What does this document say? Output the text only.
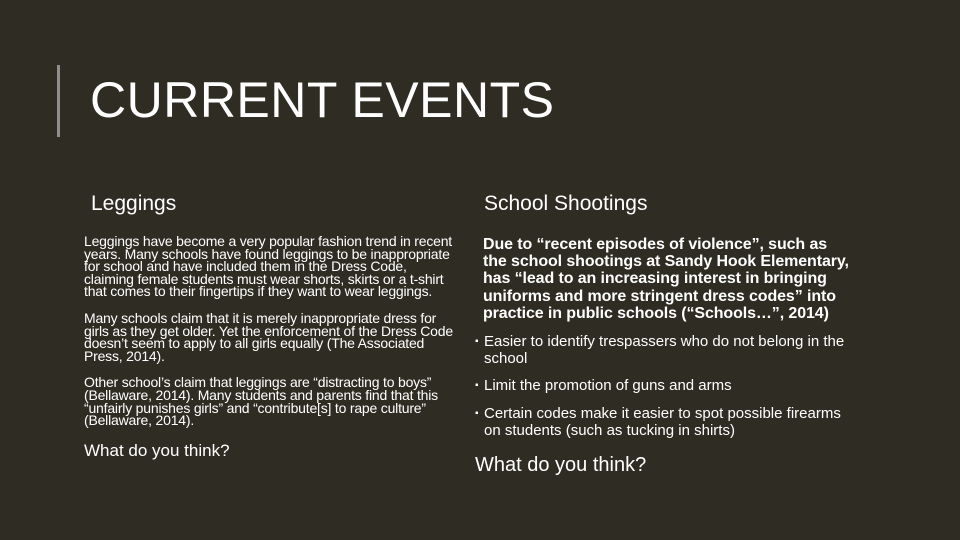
CURRENT EVENTS
Leggings	School Shootings

Leggings have become a very popular fashion trend in recent years. Many schools have found leggings to be inappropriate for school and have included them in the Dress Code, claiming female students must wear shorts, skirts or a t-shirt that comes to their fingertips if they want to wear leggings.

Many schools claim that it is merely inappropriate dress for girls as they get older. Yet the enforcement of the Dress Code doesn’t seem to apply to all girls equally (The Associated Press, 2014).

Other school’s claim that leggings are “distracting to boys” (Bellaware, 2014). Many students and parents find that this “unfairly punishes girls” and “contribute[s] to rape culture” (Bellaware, 2014).

What do you think?

Due to “recent episodes of violence”, such as the school shootings at Sandy Hook Elementary, has “lead to an increasing interest in bringing uniforms and more stringent dress codes” into practice in public schools (“Schools…”, 2014)

▪ Easier to identify trespassers who do not belong in the school
▪ Limit the promotion of guns and arms
▪ Certain codes make it easier to spot possible firearms on students (such as tucking in shirts)
What do you think?
